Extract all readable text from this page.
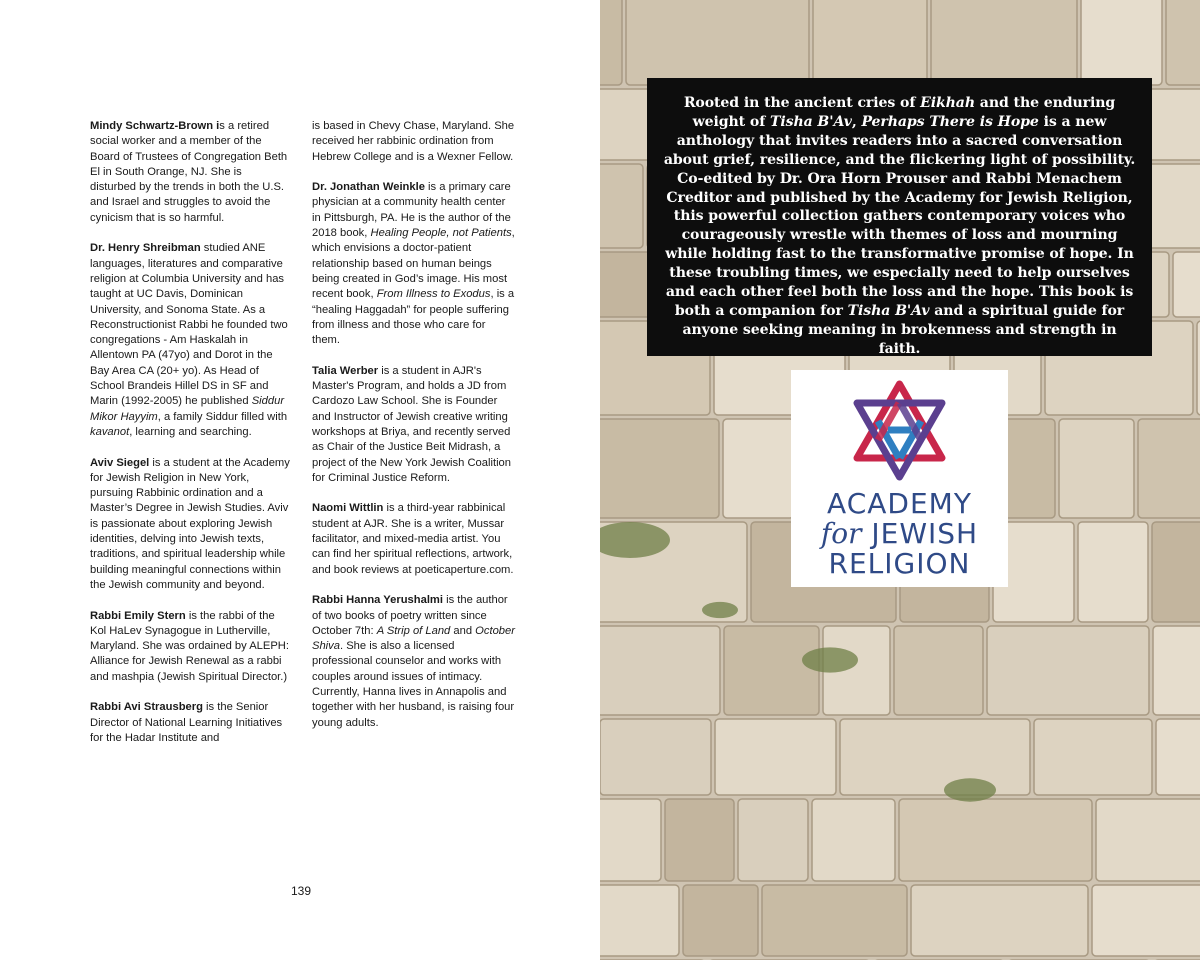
Mindy Schwartz-Brown is a retired social worker and a member of the Board of Trustees of Congregation Beth El in South Orange, NJ. She is disturbed by the trends in both the U.S. and Israel and struggles to avoid the cynicism that is so harmful.

Dr. Henry Shreibman studied ANE languages, literatures and comparative religion at Columbia University and has taught at UC Davis, Dominican University, and Sonoma State. As a Reconstructionist Rabbi he founded two congregations - Am Haskalah in Allentown PA (47yo) and Dorot in the Bay Area CA (20+ yo). As Head of School Brandeis Hillel DS in SF and Marin (1992-2005) he published Siddur Mikor Hayyim, a family Siddur filled with kavanot, learning and searching.

Aviv Siegel is a student at the Academy for Jewish Religion in New York, pursuing Rabbinic ordination and a Master’s Degree in Jewish Studies. Aviv is passionate about exploring Jewish identities, delving into Jewish texts, traditions, and spiritual leadership while building meaningful connections within the Jewish community and beyond.

Rabbi Emily Stern is the rabbi of the Kol HaLev Synagogue in Lutherville, Maryland. She was ordained by ALEPH: Alliance for Jewish Renewal as a rabbi and mashpia (Jewish Spiritual Director.)

Rabbi Avi Strausberg is the Senior Director of National Learning Initiatives for the Hadar Institute and

is based in Chevy Chase, Maryland. She received her rabbinic ordination from Hebrew College and is a Wexner Fellow.

Dr. Jonathan Weinkle is a primary care physician at a community health center in Pittsburgh, PA. He is the author of the 2018 book, Healing People, not Patients, which envisions a doctor-patient relationship based on human beings being created in God’s image. His most recent book, From Illness to Exodus, is a “healing Haggadah” for people suffering from illness and those who care for them.

Talia Werber is a student in AJR's Master's Program, and holds a JD from Cardozo Law School. She is Founder and Instructor of Jewish creative writing workshops at Briya, and recently served as Chair of the Justice Beit Midrash, a project of the New York Jewish Coalition for Criminal Justice Reform.

Naomi Wittlin is a third-year rabbinical student at AJR. She is a writer, Mussar facilitator, and mixed-media artist. You can find her spiritual reflections, artwork, and book reviews at poeticaperture.com.

Rabbi Hanna Yerushalmi is the author of two books of poetry written since October 7th: A Strip of Land and October Shiva. She is also a licensed professional counselor and works with couples around issues of intimacy. Currently, Hanna lives in Annapolis and together with her husband, is raising four young adults.

139
Rooted in the ancient cries of Eikhah and the enduring weight of Tisha B'Av, Perhaps There is Hope is a new anthology that invites readers into a sacred conversation about grief, resilience, and the flickering light of possibility. Co-edited by Dr. Ora Horn Prouser and Rabbi Menachem Creditor and published by the Academy for Jewish Religion, this powerful collection gathers contemporary voices who courageously wrestle with themes of loss and mourning while holding fast to the transformative promise of hope. In these troubling times, we especially need to help ourselves and each other feel both the loss and the hope. This book is both a companion for Tisha B'Av and a spiritual guide for anyone seeking meaning in brokenness and strength in faith.
ACADEMY
for JEWISH
RELIGION
